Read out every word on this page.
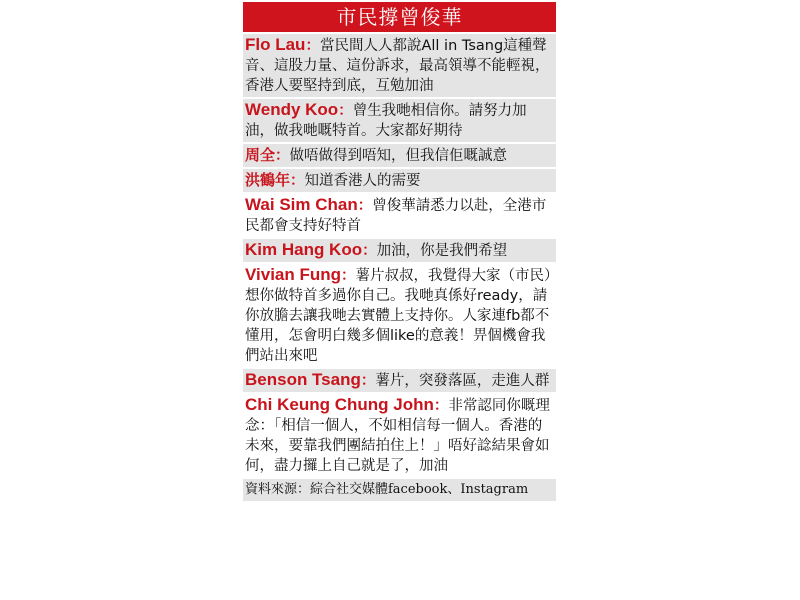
市民撐曾俊華
Flo Lau：當民間人人都說All in Tsang這種聲音、這股力量、這份訴求，最高領導不能輕視，香港人要堅持到底，互勉加油
Wendy Koo：曾生我哋相信你。請努力加油，做我哋嘅特首。大家都好期待
周全：做唔做得到唔知，但我信佢嘅誠意
洪鶴年：知道香港人的需要
Wai Sim Chan：曾俊華請悉力以赴，全港市民都會支持好特首
Kim Hang Koo：加油，你是我們希望
Vivian Fung：薯片叔叔，我覺得大家（市民）想你做特首多過你自己。我哋真係好ready，請你放膽去讓我哋去實體上支持你。人家連fb都不懂用，怎會明白幾多個like的意義！畀個機會我們站出來吧
Benson Tsang：薯片，突發落區，走進人群
Chi Keung Chung John：非常認同你嘅理念：「相信一個人，不如相信每一個人。香港的未來，要靠我們團結拍住上！」唔好諗結果會如何，盡力攞上自己就是了，加油
資料來源：綜合社交媒體facebook、Instagram
